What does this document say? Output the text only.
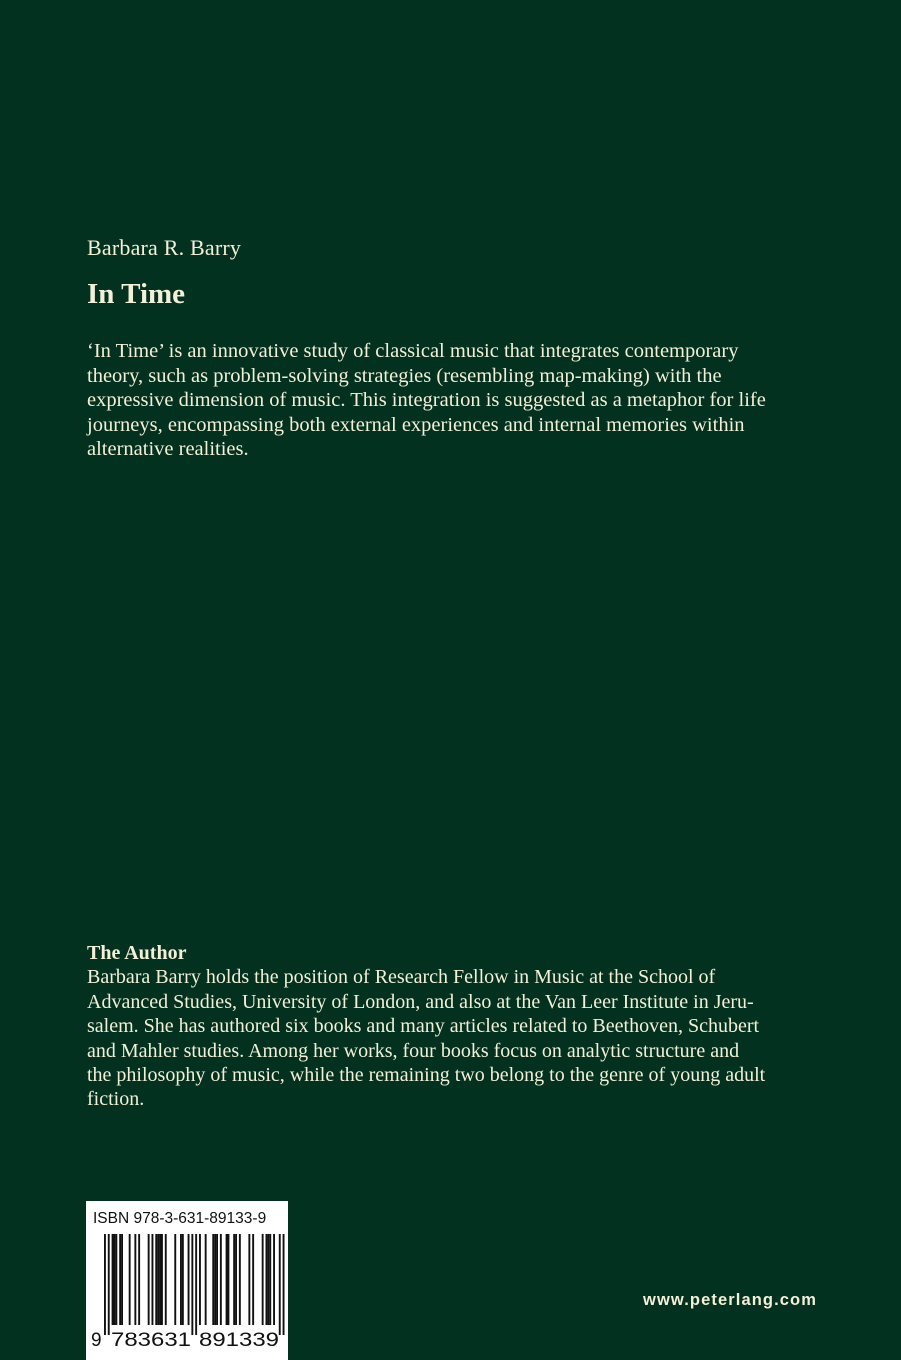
Barbara R. Barry
In Time

‘In Time’ is an innovative study of classical music that integrates contemporary
theory, such as problem-solving strategies (resembling map-making) with the
expressive dimension of music. This integration is suggested as a metaphor for life
journeys, encompassing both external experiences and internal memories within
alternative realities.

The Author

Barbara Barry holds the position of Research Fellow in Music at the School of
Advanced Studies, University of London, and also at the Van Leer Institute in Jeru-
salem. She has authored six books and many articles related to Beethoven, Schubert
and Mahler studies. Among her works, four books focus on analytic structure and
the philosophy of music, while the remaining two belong to the genre of young adult
fiction.

ISBN 978-3-631-89133-9
9 783631 891339
www.peterlang.com
